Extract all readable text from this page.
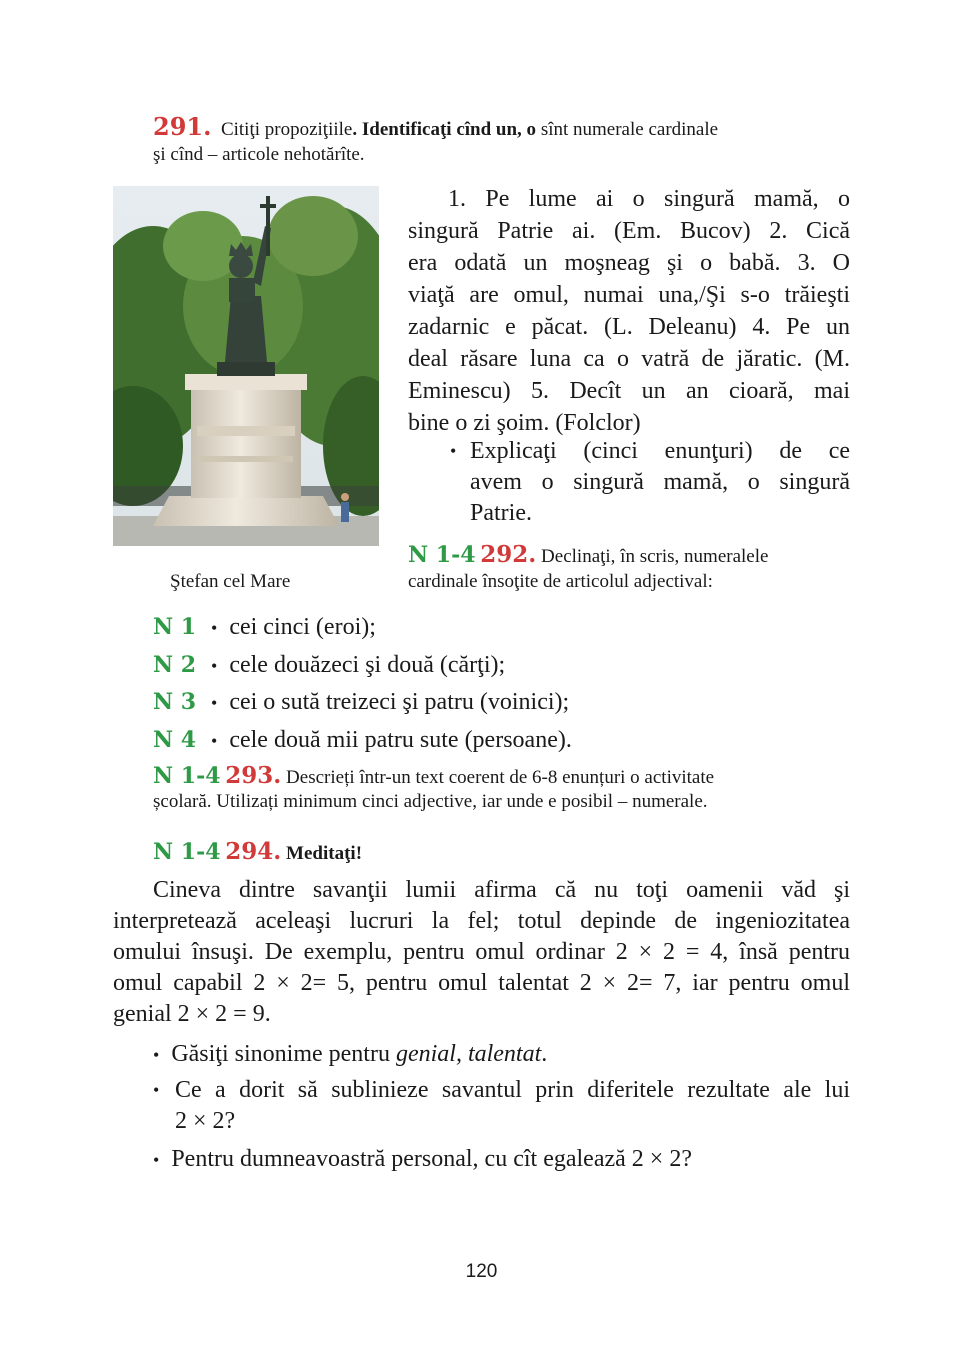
291. Citiţi propoziţiile. Identificaţi cînd un, o sînt numerale cardinale
şi cînd – articole nehotărîte.
Ştefan cel Mare

1. Pe lume ai o singură mamă, o

singură Patrie ai. (Em. Bucov) 2. Cică

era odată un moşneag şi o babă. 3. O

viaţă are omul, numai una,/Şi s-o trăieşti

zadarnic e păcat. (L. Deleanu) 4. Pe un

deal răsare luna ca o vatră de jăratic. (M.

Eminescu) 5. Decît un an cioară, mai

bine o zi şoim. (Folclor)

• Explicaţi (cinci enunţuri) de ce

avem o singură mamă, o singură

Patrie.

N 1-4 292. Declinaţi, în scris, numeralele
cardinale însoţite de articolul adjectival:
N 1 • cei cinci (eroi);
N 2 • cele douăzeci şi două (cărţi);
N 3 • cei o sută treizeci şi patru (voinici);
N 4 • cele două mii patru sute (persoane).
N 1-4 293. Descrieți într-un text coerent de 6-8 enunțuri o activitate
școlară. Utilizați minimum cinci adjective, iar unde e posibil – numerale.
N 1-4 294. Meditaţi!

Cineva dintre savanţii lumii afirma că nu toţi oamenii văd şi

interpretează aceleaşi lucruri la fel; totul depinde de ingeniozitatea

omului însuşi. De exemplu, pentru omul ordinar 2 × 2 = 4, însă pentru

omul capabil 2 × 2= 5, pentru omul talentat 2 × 2= 7, iar pentru omul

genial 2 × 2 = 9.

• Găsiţi sinonime pentru genial, talentat.
• Ce a dorit să sublinieze savantul prin diferitele rezultate ale lui

2 × 2?

• Pentru dumneavoastră personal, cu cît egalează 2 × 2?
120
